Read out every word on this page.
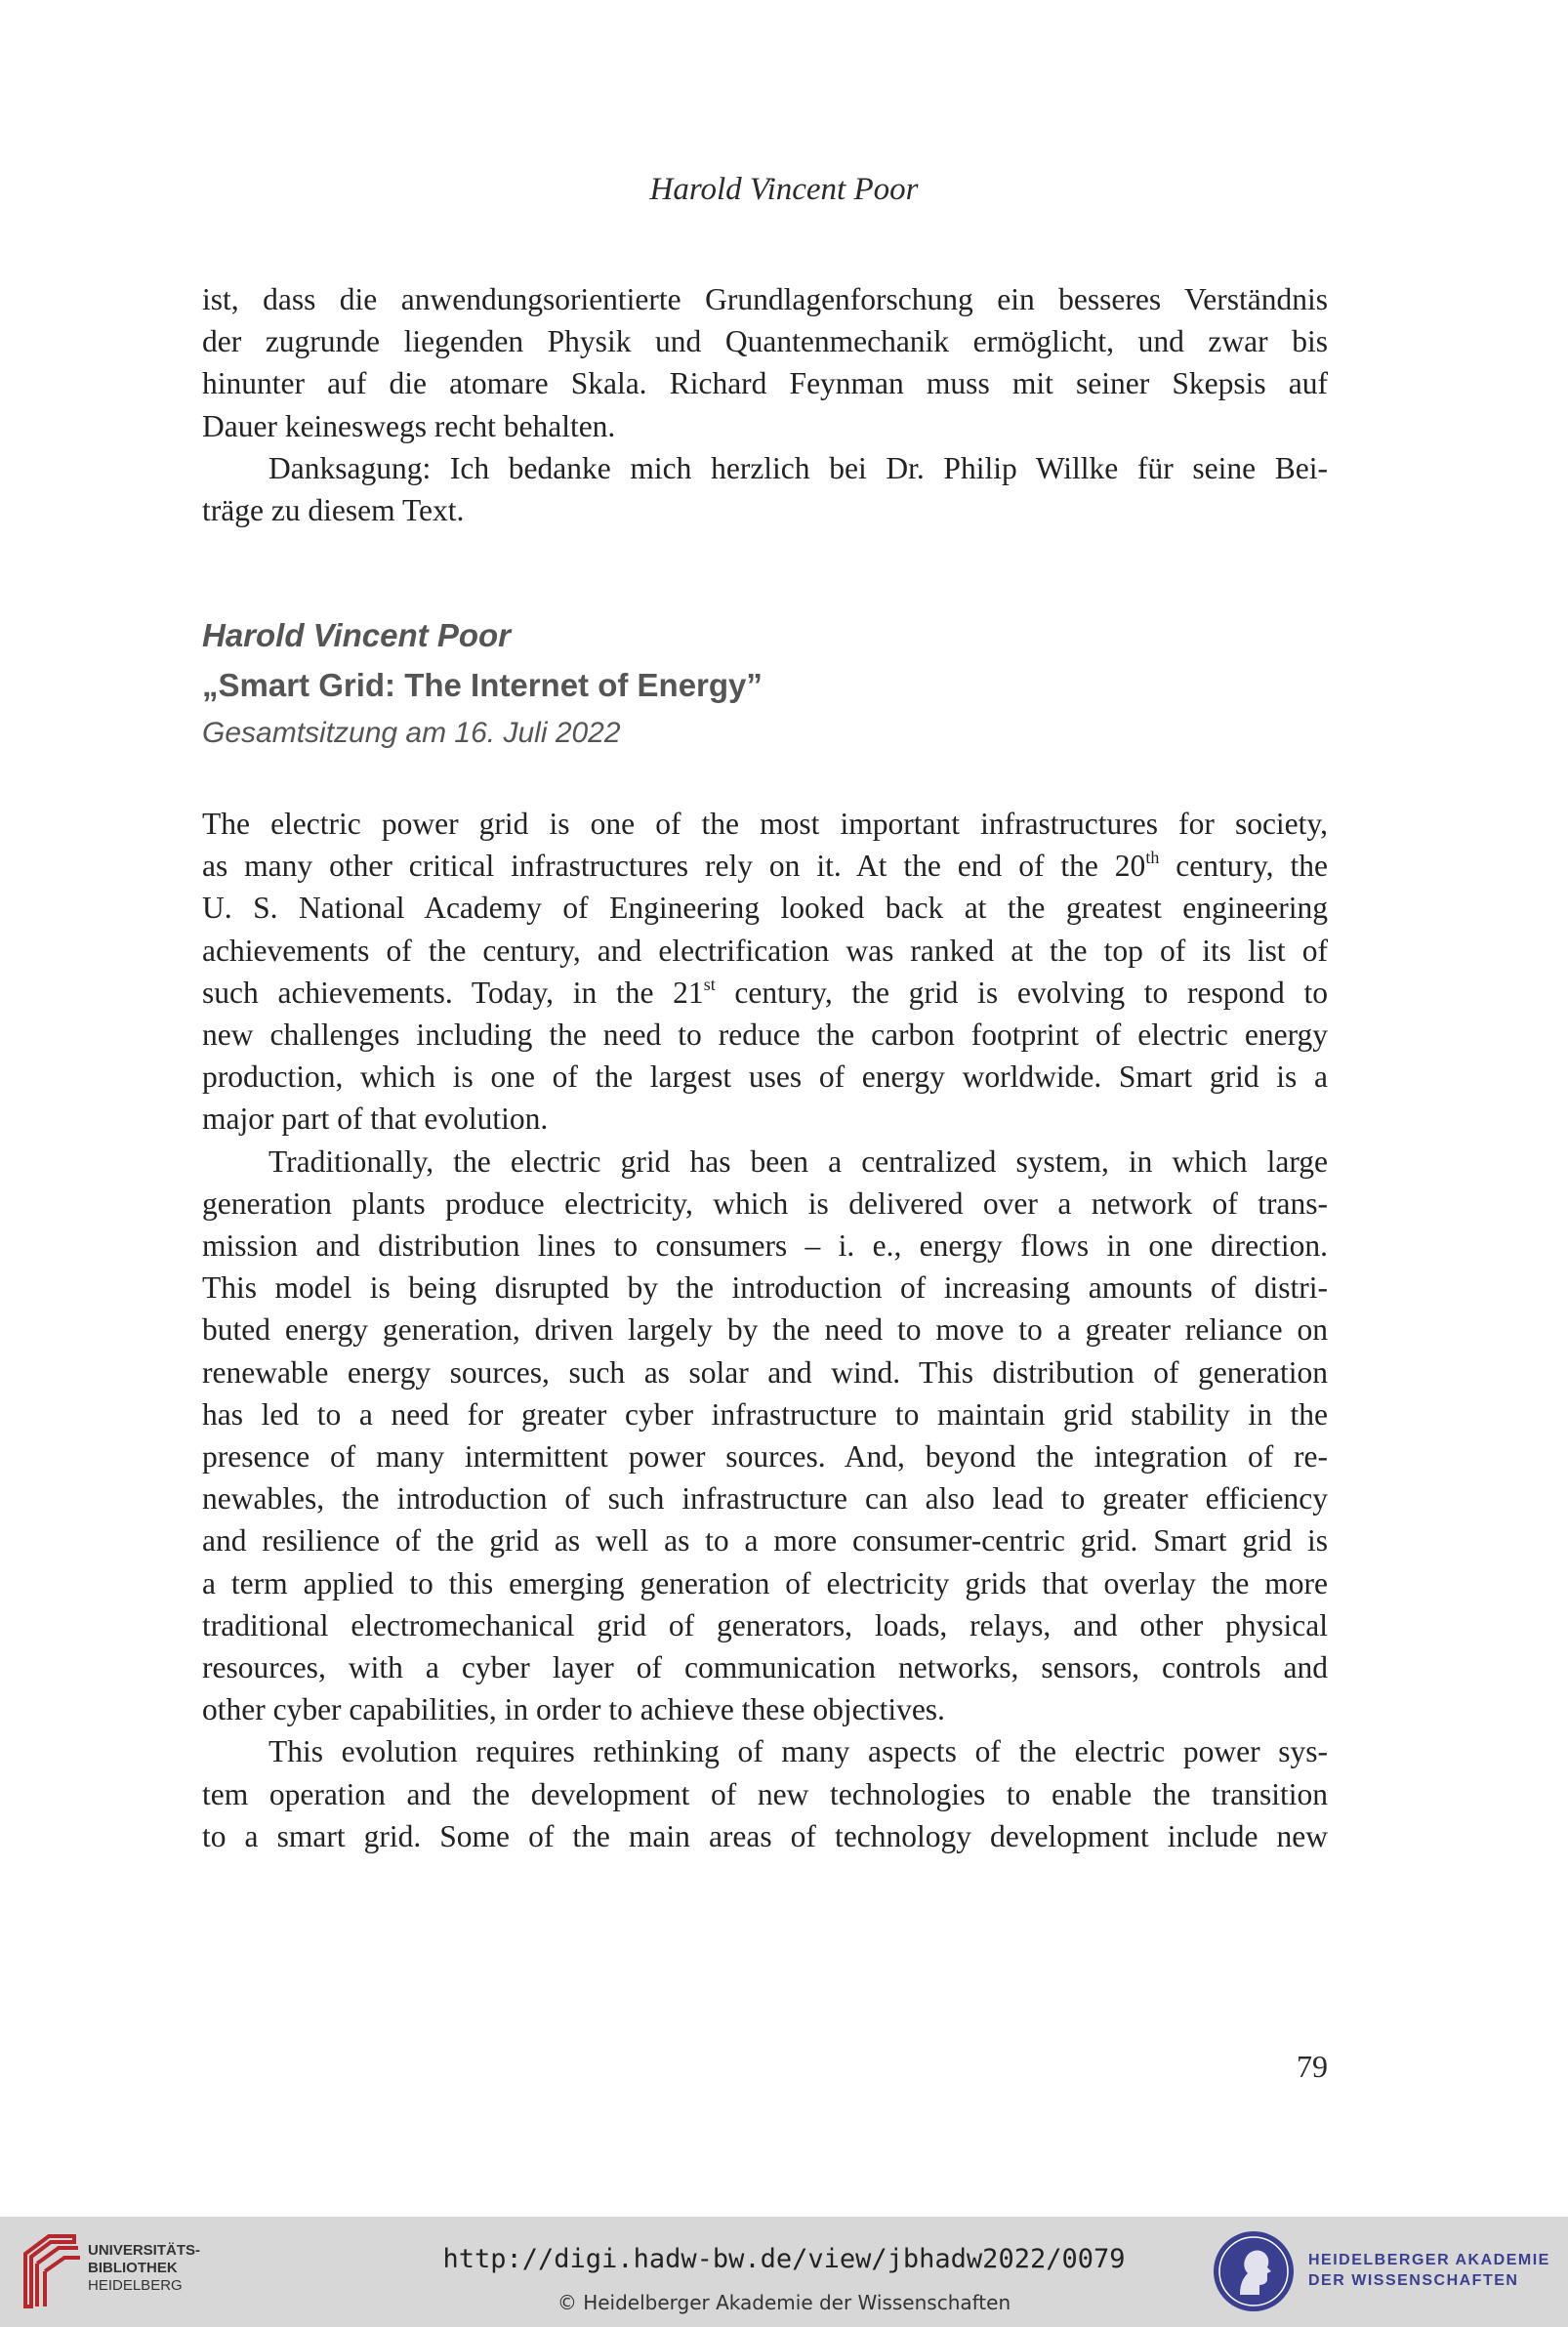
Harold Vincent Poor

ist, dass die anwendungsorientierte Grundlagenforschung ein besseres Verständnis
der zugrunde liegenden Physik und Quantenmechanik ermöglicht, und zwar bis
hinunter auf die atomare Skala. Richard Feynman muss mit seiner Skepsis auf
Dauer keineswegs recht behalten.

Danksagung: Ich bedanke mich herzlich bei Dr. Philip Willke für seine Bei-
träge zu diesem Text.

Harold Vincent Poor
„Smart Grid: The Internet of Energy”
Gesamtsitzung am 16. Juli 2022

The electric power grid is one of the most important infrastructures for society,
as many other critical infrastructures rely on it. At the end of the 20th century, the
U. S. National Academy of Engineering looked back at the greatest engineering
achievements of the century, and electrification was ranked at the top of its list of
such achievements. Today, in the 21st century, the grid is evolving to respond to
new challenges including the need to reduce the carbon footprint of electric energy
production, which is one of the largest uses of energy worldwide. Smart grid is a
major part of that evolution.

Traditionally, the electric grid has been a centralized system, in which large
generation plants produce electricity, which is delivered over a network of trans-
mission and distribution lines to consumers – i. e., energy flows in one direction.
This model is being disrupted by the introduction of increasing amounts of distri-
buted energy generation, driven largely by the need to move to a greater reliance on
renewable energy sources, such as solar and wind. This distribution of generation
has led to a need for greater cyber infrastructure to maintain grid stability in the
presence of many intermittent power sources. And, beyond the integration of re-
newables, the introduction of such infrastructure can also lead to greater efficiency
and resilience of the grid as well as to a more consumer-centric grid. Smart grid is
a term applied to this emerging generation of electricity grids that overlay the more
traditional electromechanical grid of generators, loads, relays, and other physical
resources, with a cyber layer of communication networks, sensors, controls and
other cyber capabilities, in order to achieve these objectives.

This evolution requires rethinking of many aspects of the electric power sys-
tem operation and the development of new technologies to enable the transition
to a smart grid. Some of the main areas of technology development include new

79
UNIVERSITÄTS-
BIBLIOTHEK
HEIDELBERG
http://digi.hadw-bw.de/view/jbhadw2022/0079
© Heidelberger Akademie der Wissenschaften
HEIDELBERGER AKADEMIE
DER WISSENSCHAFTEN
